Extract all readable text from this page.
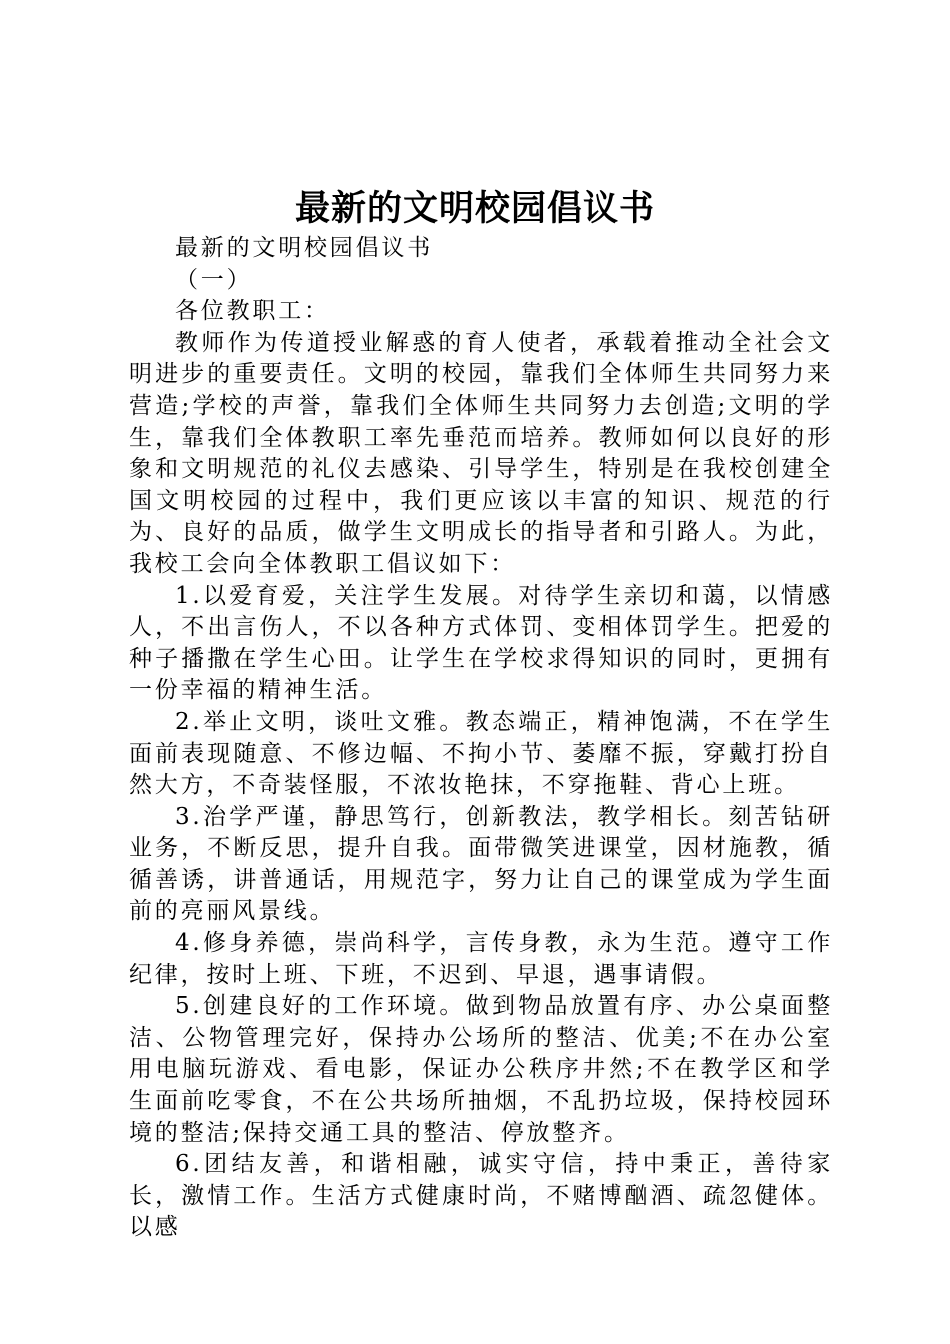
最新的文明校园倡议书

最新的文明校园倡议书

（一）

各位教职工：

教师作为传道授业解惑的育人使者，承载着推动全社会文明进步的重要责任。文明的校园，靠我们全体师生共同努力来营造;学校的声誉，靠我们全体师生共同努力去创造;文明的学生，靠我们全体教职工率先垂范而培养。教师如何以良好的形象和文明规范的礼仪去感染、引导学生，特别是在我校创建全国文明校园的过程中，我们更应该以丰富的知识、规范的行为、良好的品质，做学生文明成长的指导者和引路人。为此，我校工会向全体教职工倡议如下：

1.以爱育爱，关注学生发展。对待学生亲切和蔼，以情感人，不出言伤人，不以各种方式体罚、变相体罚学生。把爱的种子播撒在学生心田。让学生在学校求得知识的同时，更拥有一份幸福的精神生活。

2.举止文明，谈吐文雅。教态端正，精神饱满，不在学生面前表现随意、不修边幅、不拘小节、萎靡不振，穿戴打扮自然大方，不奇装怪服，不浓妆艳抹，不穿拖鞋、背心上班。

3.治学严谨，静思笃行，创新教法，教学相长。刻苦钻研业务，不断反思，提升自我。面带微笑进课堂，因材施教，循循善诱，讲普通话，用规范字，努力让自己的课堂成为学生面前的亮丽风景线。

4.修身养德，崇尚科学，言传身教，永为生范。遵守工作纪律，按时上班、下班，不迟到、早退，遇事请假。

5.创建良好的工作环境。做到物品放置有序、办公桌面整洁、公物管理完好，保持办公场所的整洁、优美;不在办公室用电脑玩游戏、看电影，保证办公秩序井然;不在教学区和学生面前吃零食，不在公共场所抽烟，不乱扔垃圾，保持校园环境的整洁;保持交通工具的整洁、停放整齐。

6.团结友善，和谐相融，诚实守信，持中秉正，善待家长，激情工作。生活方式健康时尚，不赌博酗酒、疏忽健体。以感
